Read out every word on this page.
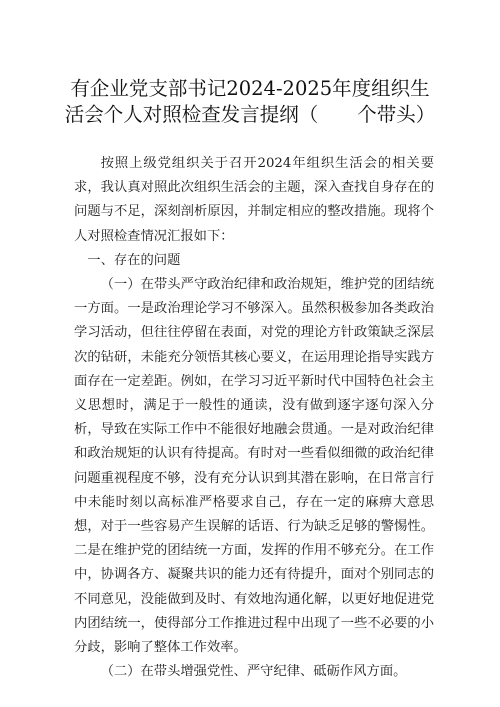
有企业党支部书记2024-2025年度组织生
活会个人对照检查发言提纲（　　个带头）

按照上级党组织关于召开2024年组织生活会的相关要求，我认真对照此次组织生活会的主题，深入查找自身存在的问题与不足，深刻剖析原因，并制定相应的整改措施。现将个人对照检查情况汇报如下：

一、存在的问题

（一）在带头严守政治纪律和政治规矩，维护党的团结统一方面。一是政治理论学习不够深入。虽然积极参加各类政治学习活动，但往往停留在表面，对党的理论方针政策缺乏深层次的钻研，未能充分领悟其核心要义，在运用理论指导实践方面存在一定差距。例如，在学习习近平新时代中国特色社会主义思想时，满足于一般性的通读，没有做到逐字逐句深入分析，导致在实际工作中不能很好地融会贯通。一是对政治纪律和政治规矩的认识有待提高。有时对一些看似细微的政治纪律问题重视程度不够，没有充分认识到其潜在影响，在日常言行中未能时刻以高标准严格要求自己，存在一定的麻痹大意思想，对于一些容易产生误解的话语、行为缺乏足够的警惕性。二是在维护党的团结统一方面，发挥的作用不够充分。在工作中，协调各方、凝聚共识的能力还有待提升，面对个别同志的不同意见，没能做到及时、有效地沟通化解，以更好地促进党内团结统一，使得部分工作推进过程中出现了一些不必要的小分歧，影响了整体工作效率。

（二）在带头增强党性、严守纪律、砥砺作风方面。
